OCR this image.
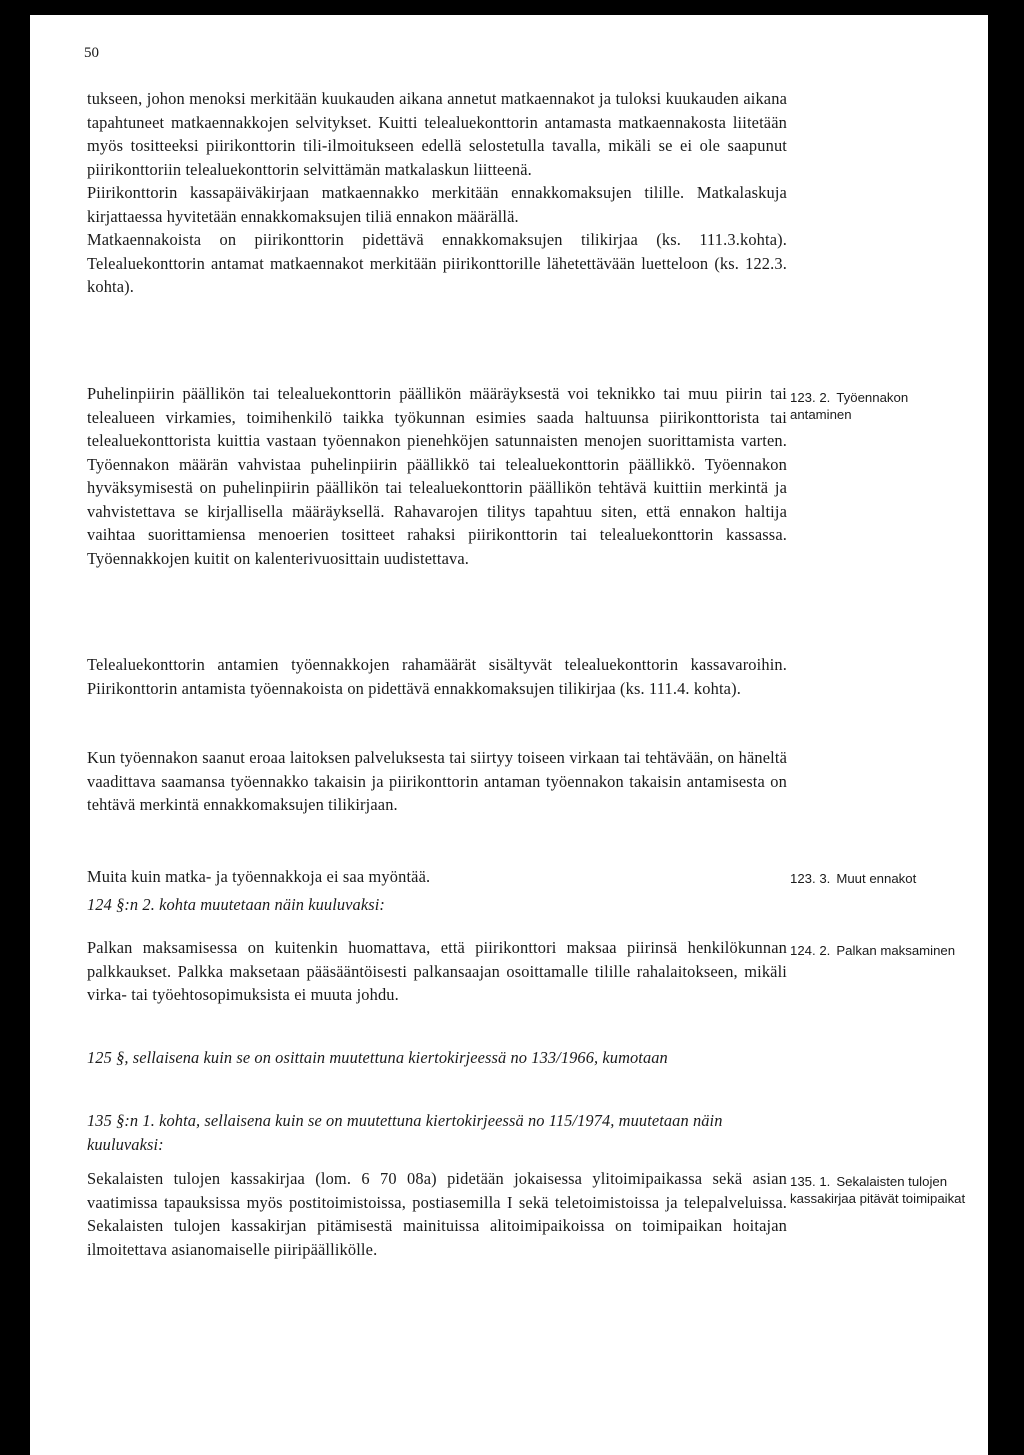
50

tukseen, johon menoksi merkitään kuukauden aikana annetut matkaennakot ja tuloksi kuukauden aikana tapahtuneet matkaennakkojen selvitykset. Kuitti telealuekonttorin antamasta matkaennakosta liitetään myös tositteeksi piirikonttorin tili-ilmoitukseen edellä selostetulla tavalla, mikäli se ei ole saapunut piirikonttoriin telealuekonttorin selvittämän matkalaskun liitteenä.

Piirikonttorin kassapäiväkirjaan matkaennakko merkitään ennakkomaksujen tilille. Matkalaskuja kirjattaessa hyvitetään ennakkomaksujen tiliä ennakon määrällä.

Matkaennakoista on piirikonttorin pidettävä ennakkomaksujen tilikirjaa (ks. 111.3.kohta). Telealuekonttorin antamat matkaennakot merkitään piirikonttorille lähetettävään luetteloon (ks. 122.3. kohta).

Puhelinpiirin päällikön tai telealuekonttorin päällikön määräyksestä voi teknikko tai muu piirin tai telealueen virkamies, toimihenkilö taikka työkunnan esimies saada haltuunsa piirikonttorista tai telealuekonttorista kuittia vastaan työennakon pienehköjen satunnaisten menojen suorittamista varten. Työennakon määrän vahvistaa puhelinpiirin päällikkö tai telealuekonttorin päällikkö. Työennakon hyväksymisestä on puhelinpiirin päällikön tai telealuekonttorin päällikön tehtävä kuittiin merkintä ja vahvistettava se kirjallisella määräyksellä. Rahavarojen tilitys tapahtuu siten, että ennakon haltija vaihtaa suorittamiensa menoerien tositteet rahaksi piirikonttorin tai telealuekonttorin kassassa. Työennakkojen kuitit on kalenterivuosittain uudistettava.

Telealuekonttorin antamien työennakkojen rahamäärät sisältyvät telealuekonttorin kassavaroihin. Piirikonttorin antamista työennakoista on pidettävä ennakkomaksujen tilikirjaa (ks. 111.4. kohta).

Kun työennakon saanut eroaa laitoksen palveluksesta tai siirtyy toiseen virkaan tai tehtävään, on häneltä vaadittava saamansa työennakko takaisin ja piirikonttorin antaman työennakon takaisin antamisesta on tehtävä merkintä ennakkomaksujen tilikirjaan.

Muita kuin matka- ja työennakkoja ei saa myöntää.

124 §:n 2. kohta muutetaan näin kuuluvaksi:

Palkan maksamisessa on kuitenkin huomattava, että piirikonttori maksaa piirinsä henkilökunnan palkkaukset. Palkka maksetaan pääsääntöisesti palkansaajan osoittamalle tilille rahalaitokseen, mikäli virka- tai työehtosopimuksista ei muuta johdu.

125 §, sellaisena kuin se on osittain muutettuna kiertokirjeessä no 133/1966, kumotaan

135 §:n 1. kohta, sellaisena kuin se on muutettuna kiertokirjeessä no 115/1974, muutetaan näin kuuluvaksi:

Sekalaisten tulojen kassakirjaa (lom. 6 70 08a) pidetään jokaisessa ylitoimipaikassa sekä asian vaatimissa tapauksissa myös postitoimistoissa, postiasemilla I sekä teletoimistoissa ja telepalveluissa. Sekalaisten tulojen kassakirjan pitämisestä mainituissa alitoimipaikoissa on toimipaikan hoitajan ilmoitettava asianomaiselle piiripäällikölle.

123. 2. Työennakon antaminen
123. 3. Muut ennakot
124. 2. Palkan maksaminen
135. 1. Sekalaisten tulojen kassakirjaa pitävät toimipaikat
